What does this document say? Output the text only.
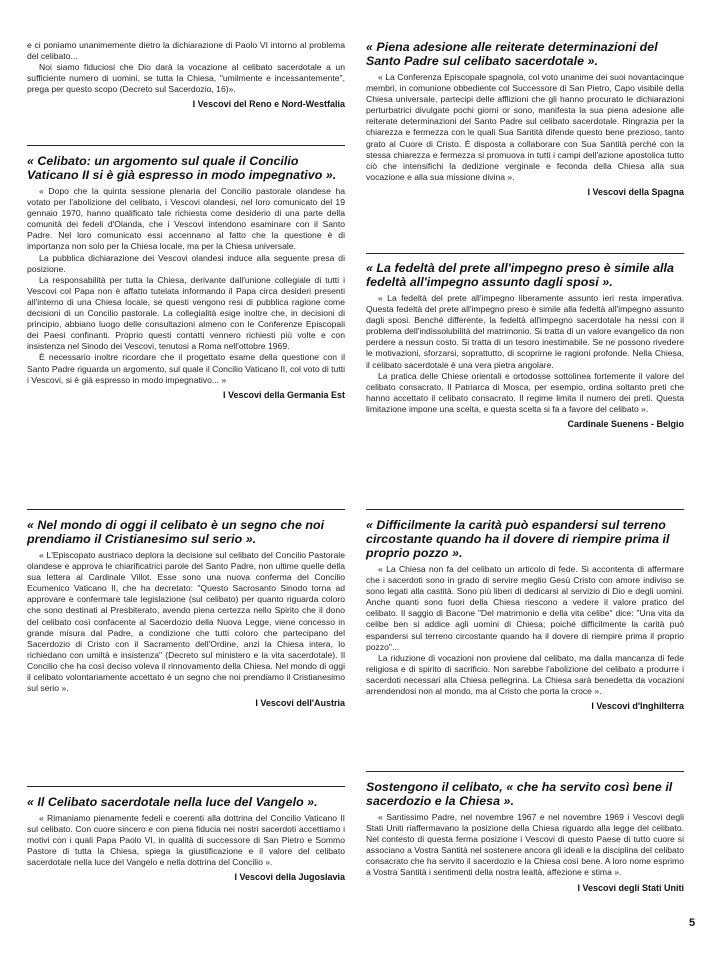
e ci poniamo unanimemente dietro la dichiarazione di Paolo VI intorno al problema del celibato...

Noi siamo fiduciosi che Dio darà la vocazione al celibato sacerdotale a un sufficiente numero di uomini, se tutta la Chiesa, "umilmente e incessantemente", prega per questo scopo (Decreto sul Sacerdozio, 16)».

I Vescovi del Reno e Nord-Westfalia

« Celibato: un argomento sul quale il Concilio Vaticano II si è già espresso in modo impegnativo ».

« Dopo che la quinta sessione plenaria del Concilio pastorale olandese ha votato per l'abolizione del celibato, i Vescovi olandesi, nel loro comunicato del 19 gennaio 1970, hanno qualificato tale richiesta come desiderio di una parte della comunità dei fedeli d'Olanda, che i Vescovi intendono esaminare con il Santo Padre. Nel loro comunicato essi accennano al fatto che la questione è di importanza non solo per la Chiesa locale, ma per la Chiesa universale.

La pubblica dichiarazione dei Vescovi olandesi induce alla seguente presa di posizione.

La responsabilità per tutta la Chiesa, derivante dall'unione collegiale di tutti i Vescovi col Papa non è affatto tutelata informando il Papa circa desideri presenti all'interno di una Chiesa locale, se questi vengono resi di pubblica ragione come decisioni di un Concilio pastorale. La collegialità esige inoltre che, in decisioni di principio, abbiano luogo delle consultazioni almeno con le Conferenze Episcopali dei Paesi confinanti. Proprio questi contatti vennero richiesti più volte e con insistenza nel Sinodo dei Vescovi, tenutosi a Roma nell'ottobre 1969.

È necessario inoltre ricordare che il progettato esame della questione con il Santo Padre riguarda un argomento, sul quale il Concilio Vaticano II, col voto di tutti i Vescovi, si è già espresso in modo impegnativo... »

I Vescovi della Germania Est

« Nel mondo di oggi il celibato è un segno che noi prendiamo il Cristianesimo sul serio ».

« L'Episcopato austriaco deplora la decisione sul celibato del Concilio Pastorale olandese e approva le chiarificatrici parole del Santo Padre, non ultime quelle della sua lettera al Cardinale Villot. Esse sono una nuova conferma del Concilio Ecumenico Vaticano II, che ha decretato: "Questo Sacrosanto Sinodo torna ad approvare e confermare tale legislazione (sul celibato) per quanto riguarda coloro che sono destinati al Presbiterato, avendo piena certezza nello Spirito che il dono del celibato così confacente al Sacerdozio della Nuova Legge, viene concesso in grande misura dal Padre, a condizione che tutti coloro che partecipano del Sacerdozio di Cristo con il Sacramento dell'Ordine, anzi la Chiesa intera, lo richiedano con umiltà e insistenza" (Decreto sul ministero e la vita sacerdotale). Il Concilio che ha così deciso voleva il rinnovamento della Chiesa. Nel mondo di oggi il celibato volontariamente accettato è un segno che noi prendiamo il Cristianesimo sul serio ».

I Vescovi dell'Austria

« Il Celibato sacerdotale nella luce del Vangelo ».

« Rimaniamo pienamente fedeli e coerenti alla dottrina del Concilio Vaticano II sul celibato. Con cuore sincero e con piena fiducia nei nostri sacerdoti accettiamo i motivi con i quali Papa Paolo VI, in qualità di successore di San Pietro e Sommo Pastore di tutta la Chiesa, spiega la giustificazione e il valore del celibato sacerdotale nella luce del Vangelo e nella dottrina del Concilio ».

I Vescovi della Jugoslavia

« Piena adesione alle reiterate determinazioni del Santo Padre sul celibato sacerdotale ».

« La Conferenza Episcopale spagnola, col voto unanime dei suoi novantacinque membri, in comunione obbediente col Successore di San Pietro, Capo visibile della Chiesa universale, partecipi delle afflizioni che gli hanno procurato le dichiarazioni perturbatrici divulgate pochi giorni or sono, manifesta la sua piena adesione alle reiterate determinazioni del Santo Padre sul celibato sacerdotale. Ringrazia per la chiarezza e fermezza con le quali Sua Santità difende questo bene prezioso, tanto grato al Cuore di Cristo. È disposta a collaborare con Sua Santità perché con la stessa chiarezza e fermezza si promuova in tutti i campi dell'azione apostolica tutto ciò che intensifichi la dedizione verginale e feconda della Chiesa alla sua vocazione e alla sua missione divina ».

I Vescovi della Spagna

« La fedeltà del prete all'impegno preso è simile alla fedeltà all'impegno assunto dagli sposi ».

« La fedeltà del prete all'impegno liberamente assunto ieri resta imperativa. Questa fedeltà del prete all'impegno preso è simile alla fedeltà all'impegno assunto dagli sposi. Benché differente, la fedeltà all'impegno sacerdotale ha nessi con il problema dell'indissolubilità del matrimonio. Si tratta di un valore evangelico da non perdere a nessun costo. Si tratta di un tesoro inestimabile. Se ne possono rivedere le motivazioni, sforzarsi, soprattutto, di scoprirne le ragioni profonde. Nella Chiesa, il celibato sacerdotale è una vera pietra angolare.

La pratica delle Chiese orientali e ortodosse sottolinea fortemente il valore del celibato consacrato. Il Patriarca di Mosca, per esempio, ordina soltanto preti che hanno accettato il celibato consacrato. Il regime limita il numero dei preti. Questa limitazione impone una scelta, e questa scelta si fa a favore del celibato ».

Cardinale Suenens - Belgio

« Difficilmente la carità può espandersi sul terreno circostante quando ha il dovere di riempire prima il proprio pozzo ».

« La Chiesa non fa del celibato un articolo di fede. Si accontenta di affermare che i sacerdoti sono in grado di servire meglio Gesù Cristo con amore indiviso se sono legati alla castità. Sono più liberi di dedicarsi al servizio di Dio e degli uomini. Anche quanti sono fuori della Chiesa riescono a vedere il valore pratico del celibato. Il saggio di Bacone "Del matrimonio e della vita celibe" dice: "Una vita da celibe ben si addice agli uomini di Chiesa; poiché difficilmente la carità può espandersi sul terreno circostante quando ha il dovere di riempire prima il proprio pozzo"...

La riduzione di vocazioni non proviene dal celibato, ma dalla mancanza di fede religiosa e di spirito di sacrificio. Non sarebbe l'abolizione del celibato a produrre i sacerdoti necessari alla Chiesa pellegrina. La Chiesa sarà benedetta da vocazioni arrendendosi non al mondo, ma al Cristo che porta la croce ».

I Vescovi d'Inghilterra

Sostengono il celibato, « che ha servito così bene il sacerdozio e la Chiesa ».

« Santissimo Padre, nel novembre 1967 e nel novembre 1969 i Vescovi degli Stati Uniti riaffermavano la posizione della Chiesa riguardo alla legge del celibato. Nel contesto di questa ferma posizione i Vescovi di questo Paese di tutto cuore si associano a Vostra Santità nel sostenere ancora gli ideali e la disciplina del celibato consacrato che ha servito il sacerdozio e la Chiesa così bene. A loro nome esprimo a Vostra Santità i sentimenti della nostra lealtà, affezione e stima ».

I Vescovi degli Stati Uniti

5
